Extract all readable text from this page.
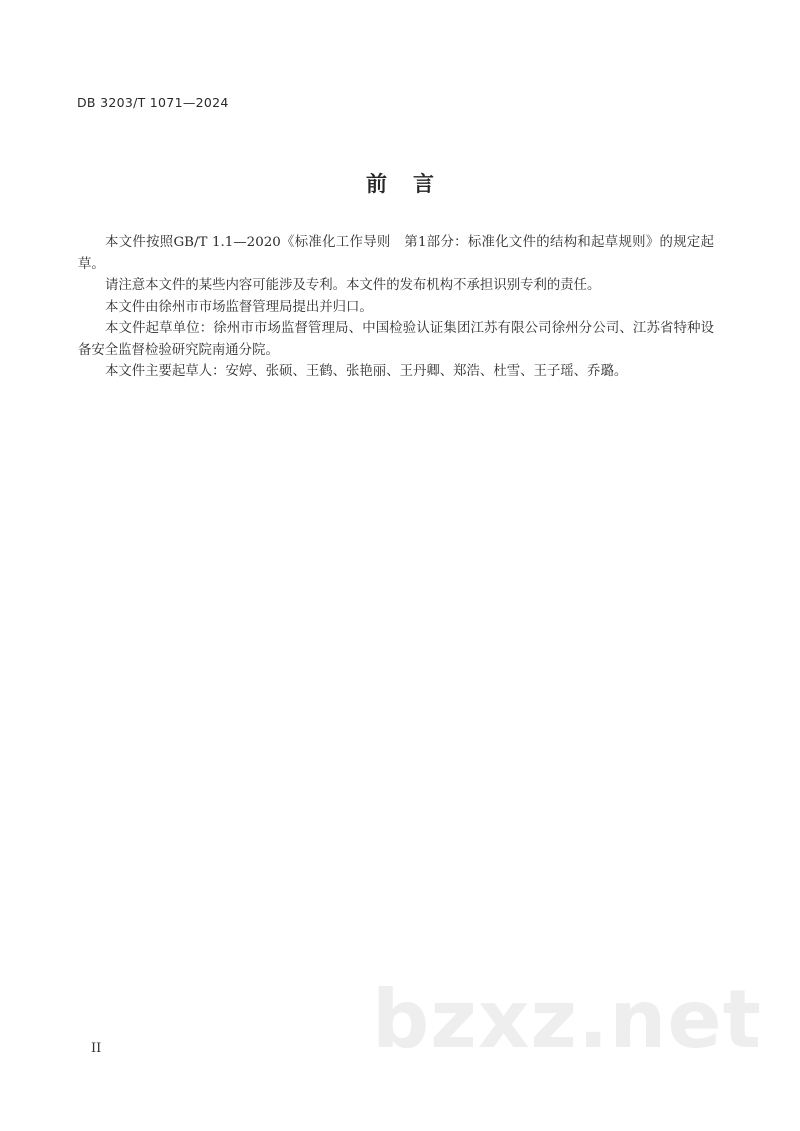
DB 3203/T 1071—2024
前言

本文件按照GB/T 1.1—2020《标准化工作导则　第1部分：标准化文件的结构和起草规则》的规定起草。

请注意本文件的某些内容可能涉及专利。本文件的发布机构不承担识别专利的责任。

本文件由徐州市市场监督管理局提出并归口。

本文件起草单位：徐州市市场监督管理局、中国检验认证集团江苏有限公司徐州分公司、江苏省特种设备安全监督检验研究院南通分院。

本文件主要起草人：安婷、张硕、王鹤、张艳丽、王丹卿、郑浩、杜雪、王子瑶、乔璐。

II	bzxz.net
